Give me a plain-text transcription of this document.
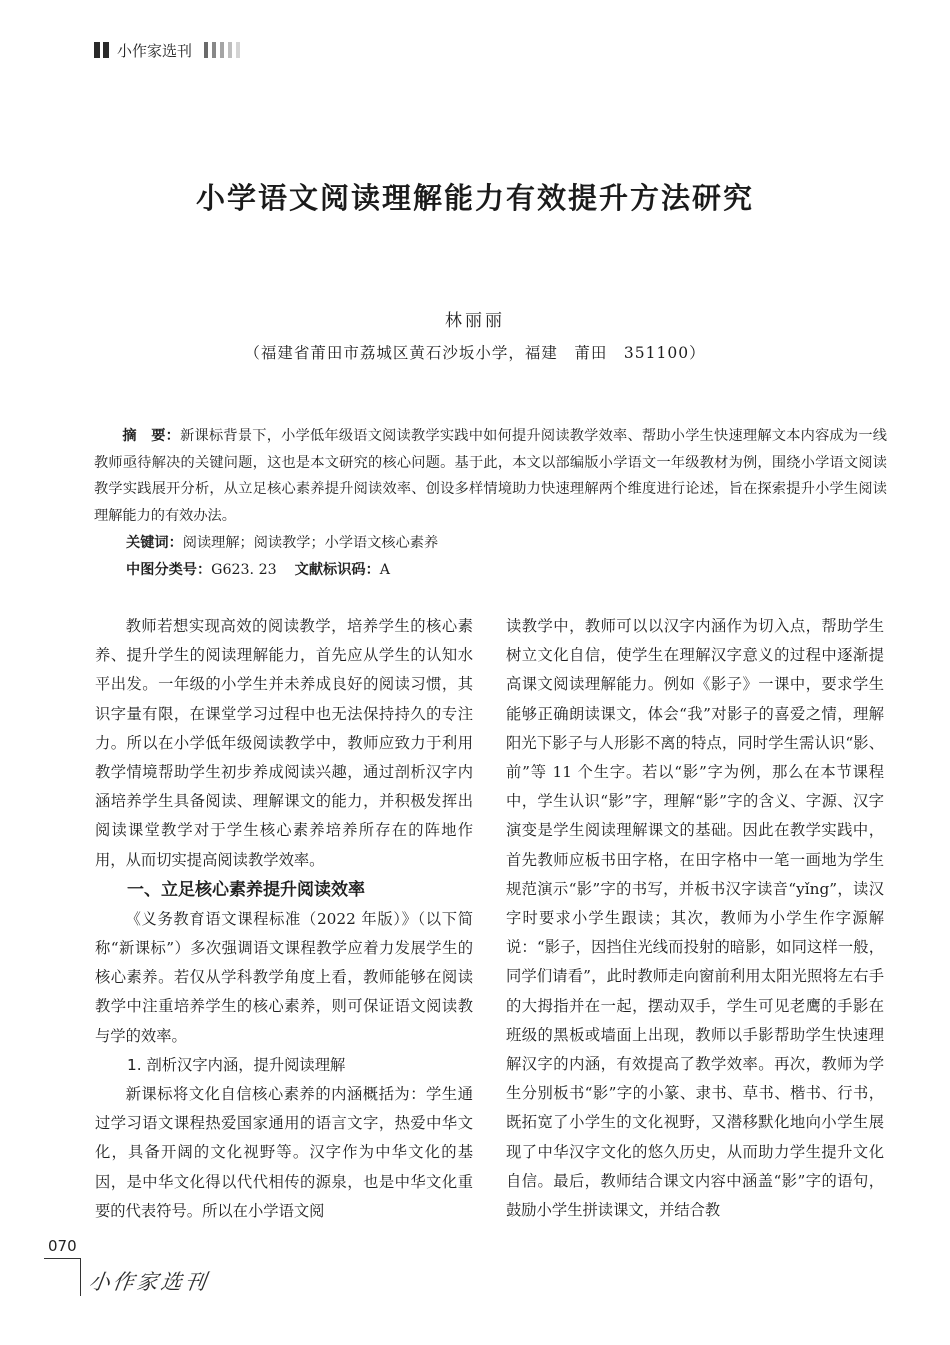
小作家选刊
小学语文阅读理解能力有效提升方法研究
林丽丽
（福建省莆田市荔城区黄石沙坂小学，福建　莆田　351100）
摘　要：新课标背景下，小学低年级语文阅读教学实践中如何提升阅读教学效率、帮助小学生快速理解文本内容成为一线教师亟待解决的关键问题，这也是本文研究的核心问题。基于此，本文以部编版小学语文一年级教材为例，围绕小学语文阅读教学实践展开分析，从立足核心素养提升阅读效率、创设多样情境助力快速理解两个维度进行论述，旨在探索提升小学生阅读理解能力的有效办法。
关键词：阅读理解；阅读教学；小学语文核心素养
中图分类号：G623. 23 文献标识码：A

教师若想实现高效的阅读教学，培养学生的核心素养、提升学生的阅读理解能力，首先应从学生的认知水平出发。一年级的小学生并未养成良好的阅读习惯，其识字量有限，在课堂学习过程中也无法保持持久的专注力。所以在小学低年级阅读教学中，教师应致力于利用教学情境帮助学生初步养成阅读兴趣，通过剖析汉字内涵培养学生具备阅读、理解课文的能力，并积极发挥出阅读课堂教学对于学生核心素养培养所存在的阵地作用，从而切实提高阅读教学效率。

一、立足核心素养提升阅读效率

《义务教育语文课程标准（2022 年版）》（以下简称“新课标”）多次强调语文课程教学应着力发展学生的核心素养。若仅从学科教学角度上看，教师能够在阅读教学中注重培养学生的核心素养，则可保证语文阅读教与学的效率。

1. 剖析汉字内涵，提升阅读理解

新课标将文化自信核心素养的内涵概括为：学生通过学习语文课程热爱国家通用的语言文字，热爱中华文化，具备开阔的文化视野等。汉字作为中华文化的基因，是中华文化得以代代相传的源泉，也是中华文化重要的代表符号。所以在小学语文阅

读教学中，教师可以以汉字内涵作为切入点，帮助学生树立文化自信，使学生在理解汉字意义的过程中逐渐提高课文阅读理解能力。例如《影子》一课中，要求学生能够正确朗读课文，体会“我”对影子的喜爱之情，理解阳光下影子与人形影不离的特点，同时学生需认识“影、前”等 11 个生字。若以“影”字为例，那么在本节课程中，学生认识“影”字，理解“影”字的含义、字源、汉字演变是学生阅读理解课文的基础。因此在教学实践中，首先教师应板书田字格，在田字格中一笔一画地为学生规范演示“影”字的书写，并板书汉字读音“yǐng”，读汉字时要求小学生跟读；其次，教师为小学生作字源解说：“影子，因挡住光线而投射的暗影，如同这样一般，同学们请看”，此时教师走向窗前利用太阳光照将左右手的大拇指并在一起，摆动双手，学生可见老鹰的手影在班级的黑板或墙面上出现，教师以手影帮助学生快速理解汉字的内涵，有效提高了教学效率。再次，教师为学生分别板书“影”字的小篆、隶书、草书、楷书、行书，既拓宽了小学生的文化视野，又潜移默化地向小学生展现了中华汉字文化的悠久历史，从而助力学生提升文化自信。最后，教师结合课文内容中涵盖“影”字的语句，鼓励小学生拼读课文，并结合教

070
小作家选刊
